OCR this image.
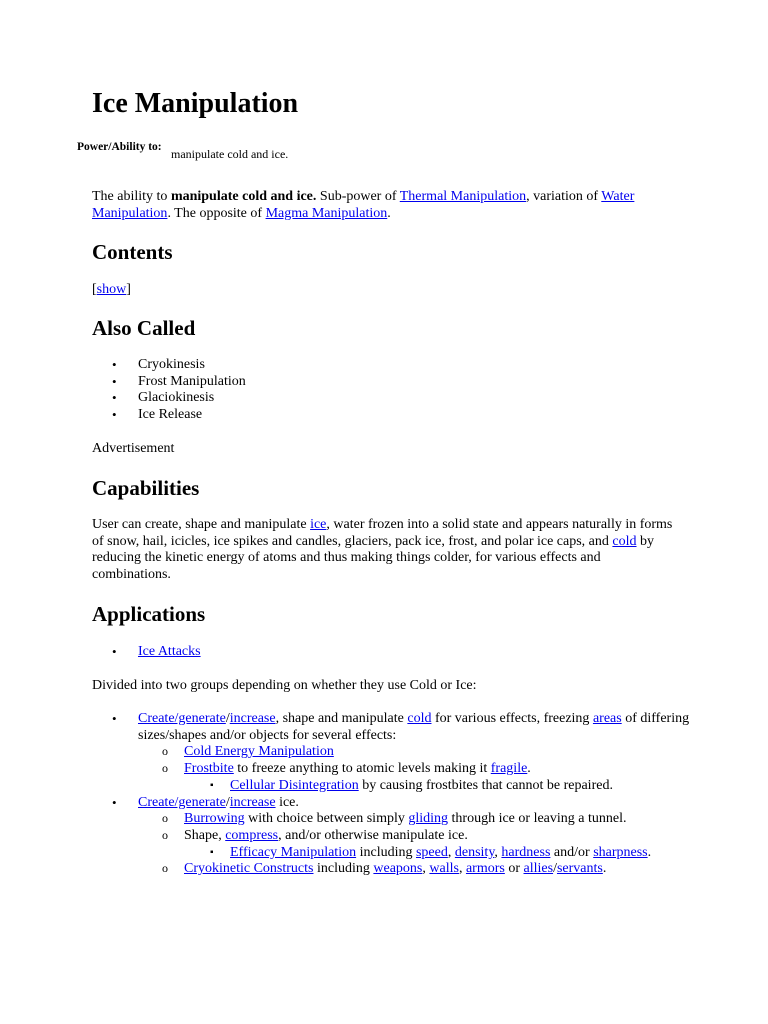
Ice Manipulation
Power/Ability to: manipulate cold and ice.

The ability to manipulate cold and ice. Sub-power of Thermal Manipulation, variation of Water Manipulation. The opposite of Magma Manipulation.

Contents

[show]

Also Called
• Cryokinesis
• Frost Manipulation
• Glaciokinesis
• Ice Release

Advertisement

Capabilities

User can create, shape and manipulate ice, water frozen into a solid state and appears naturally in forms of snow, hail, icicles, ice spikes and candles, glaciers, pack ice, frost, and polar ice caps, and cold by reducing the kinetic energy of atoms and thus making things colder, for various effects and combinations.

Applications
• Ice Attacks

Divided into two groups depending on whether they use Cold or Ice:

• Create/generate/increase, shape and manipulate cold for various effects, freezing areas of differing sizes/shapes and/or objects for several effects:
o Cold Energy Manipulation
o Frostbite to freeze anything to atomic levels making it fragile.
▪ Cellular Disintegration by causing frostbites that cannot be repaired.
• Create/generate/increase ice.
o Burrowing with choice between simply gliding through ice or leaving a tunnel.
o Shape, compress, and/or otherwise manipulate ice.
▪ Efficacy Manipulation including speed, density, hardness and/or sharpness.
o Cryokinetic Constructs including weapons, walls, armors or allies/servants.
